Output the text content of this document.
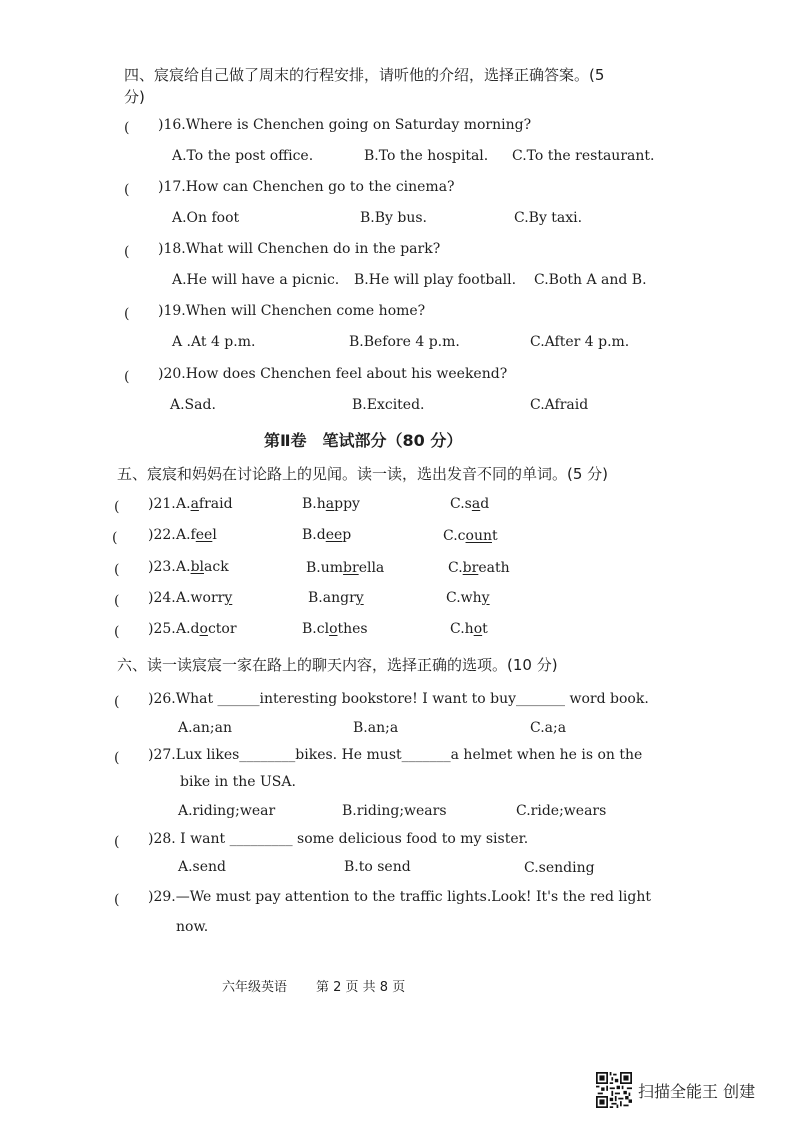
四、宸宸给自己做了周末的行程安排，请听他的介绍，选择正确答案。(5
分)
( )16.Where is Chenchen going on Saturday morning?
A.To the post office.	B.To the hospital. C.To the restaurant.
( )17.How can Chenchen go to the cinema?
A.On foot	B.By bus.	C.By taxi.
( )18.What will Chenchen do in the park?
A.He will have a picnic. B.He will play football. C.Both A and B.
( )19.When will Chenchen come home?
A .At 4 p.m.	B.Before 4 p.m.	C.After 4 p.m.
( )20.How does Chenchen feel about his weekend?
A.Sad.	B.Excited.	C.Afraid
第Ⅱ卷　笔试部分（80 分）
五、宸宸和妈妈在讨论路上的见闻。读一读，选出发音不同的单词。(5 分)
( )21. A.afraid	B.happy	C.sad
( )22. A.feel	B.deep	C.count
( )23. A.black	B.umbrella	C.breath
( )24. A.worry	B.angry	C.why
( )25. A.doctor	B.clothes	C.hot
六、读一读宸宸一家在路上的聊天内容，选择正确的选项。(10 分)
( )26.What ______interesting bookstore! I want to buy_______ word book.
A.an;an	B.an;a	C.a;a
( )27.Lux likes________bikes. He must_______a helmet when he is on the
bike in the USA.
A.riding;wear	B.riding;wears	C.ride;wears
( )28. I want _________ some delicious food to my sister.
A.send	B.to send	C.sending
( )29.—We must pay attention to the traffic lights.Look! It's the red light
now.
六年级英语 第 2 页 共 8 页
扫描全能王 创建
